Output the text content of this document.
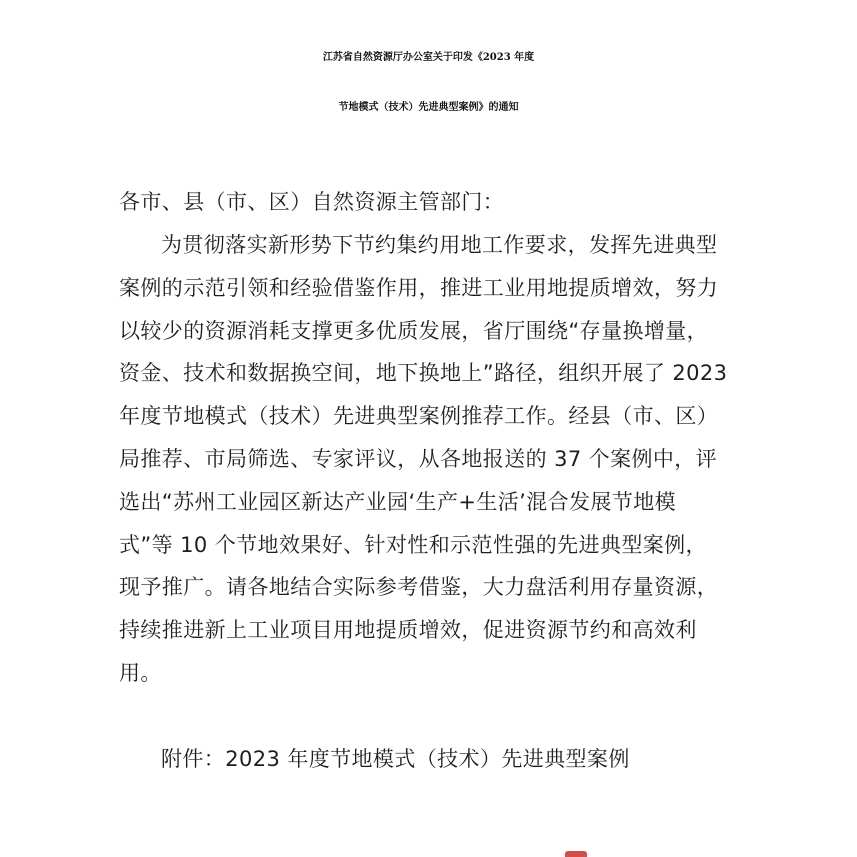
江苏省自然资源厅办公室关于印发《2023 年度
节地模式（技术）先进典型案例》的通知
各市、县（市、区）自然资源主管部门：
为贯彻落实新形势下节约集约用地工作要求，发挥先进典型
案例的示范引领和经验借鉴作用，推进工业用地提质增效，努力
以较少的资源消耗支撑更多优质发展，省厅围绕“存量换增量，
资金、技术和数据换空间，地下换地上”路径，组织开展了 2023
年度节地模式（技术）先进典型案例推荐工作。经县（市、区）
局推荐、市局筛选、专家评议，从各地报送的 37 个案例中，评
选出“苏州工业园区新达产业园‘生产+生活’混合发展节地模
式”等 10 个节地效果好、针对性和示范性强的先进典型案例，
现予推广。请各地结合实际参考借鉴，大力盘活利用存量资源，
持续推进新上工业项目用地提质增效，促进资源节约和高效利
用。
附件：2023 年度节地模式（技术）先进典型案例
